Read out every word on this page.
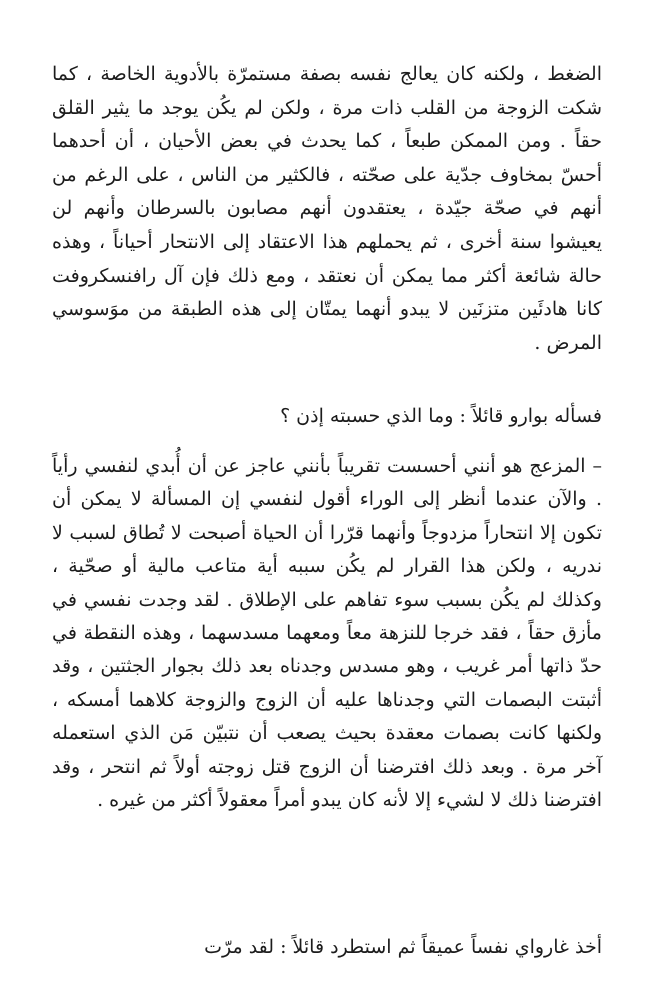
الضغط ، ولكنه كان يعالج نفسه بصفة مستمرّة بالأدوية الخاصة ، كما شكت الزوجة من القلب ذات مرة ، ولكن لم يكُن يوجد ما يثير القلق حقاً . ومن الممكن طبعاً ، كما يحدث في بعض الأحيان ، أن أحدهما أحسّ بمخاوف جدّية على صحّته ، فالكثير من الناس ، على الرغم من أنهم في صحّة جيّدة ، يعتقدون أنهم مصابون بالسرطان وأنهم لن يعيشوا سنة أخرى ، ثم يحملهم هذا الاعتقاد إلى الانتحار أحياناً ، وهذه حالة شائعة أكثر مما يمكن أن نعتقد ، ومع ذلك فإن آل رافنسكروفت كانا هادئَين متزنَين لا يبدو أنهما يمتّان إلى هذه الطبقة من موَسوسي المرض .

فسأله بوارو قائلاً : وما الذي حسبته إذن ؟

– المزعج هو أنني أحسست تقريباً بأنني عاجز عن أن أُبدي لنفسي رأياً . والآن عندما أنظر إلى الوراء أقول لنفسي إن المسألة لا يمكن أن تكون إلا انتحاراً مزدوجاً وأنهما قرّرا أن الحياة أصبحت لا تُطاق لسبب لا ندريه ، ولكن هذا القرار لم يكُن سببه أية متاعب مالية أو صحّية ، وكذلك لم يكُن بسبب سوء تفاهم على الإطلاق . لقد وجدت نفسي في مأزق حقاً ، فقد خرجا للنزهة معاً ومعهما مسدسهما ، وهذه النقطة في حدّ ذاتها أمر غريب ، وهو مسدس وجدناه بعد ذلك بجوار الجثتين ، وقد أثبتت البصمات التي وجدناها عليه أن الزوج والزوجة كلاهما أمسكه ، ولكنها كانت بصمات معقدة بحيث يصعب أن نتبيّن مَن الذي استعمله آخر مرة . وبعد ذلك افترضنا أن الزوج قتل زوجته أولاً ثم انتحر ، وقد افترضنا ذلك لا لشيء إلا لأنه كان يبدو أمراً معقولاً أكثر من غيره .

أخذ غارواي نفساً عميقاً ثم استطرد قائلاً : لقد مرّت
